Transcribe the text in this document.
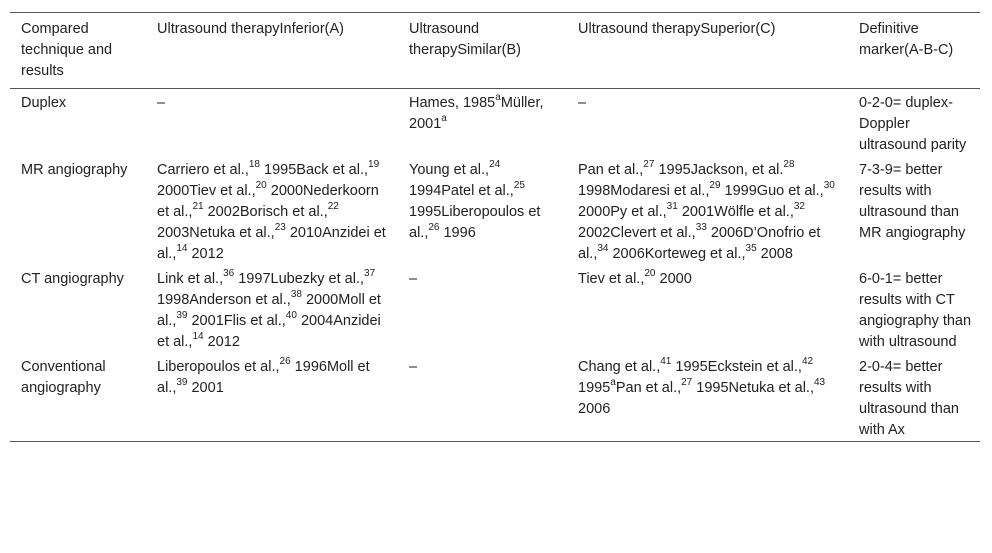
Compared technique and results	Ultrasound therapyInferior(A)	Ultrasound therapySimilar(B)	Ultrasound therapySuperior(C)	Definitive marker(A-B-C)
Duplex	–	Hames, 1985$^a$Müller, 2001$^a$	–	0-2-0= duplex-Doppler ultrasound parity
MR angiography	Carriero et al.,$^{18}$ 1995Back et al.,$^{19}$ 2000Tiev et al.,$^{20}$ 2000Nederkoorn et al.,$^{21}$ 2002Borisch et al.,$^{22}$ 2003Netuka et al.,$^{23}$ 2010Anzidei et al.,$^{14}$ 2012	Young et al.,$^{24}$ 1994Patel et al.,$^{25}$ 1995Liberopoulos et al.,$^{26}$ 1996	Pan et al.,$^{27}$ 1995Jackson, et al.$^{28}$ 1998Modaresi et al.,$^{29}$ 1999Guo et al.,$^{30}$ 2000Py et al.,$^{31}$ 2001Wölfle et al.,$^{32}$ 2002Clevert et al.,$^{33}$ 2006D’Onofrio et al.,$^{34}$ 2006Korteweg et al.,$^{35}$ 2008	7-3-9= better results with ultrasound than MR angiography
CT angiography	Link et al.,$^{36}$ 1997Lubezky et al.,$^{37}$ 1998Anderson et al.,$^{38}$ 2000Moll et al.,$^{39}$ 2001Flis et al.,$^{40}$ 2004Anzidei et al.,$^{14}$ 2012	–	Tiev et al.,$^{20}$ 2000	6-0-1= better results with CT angiography than with ultrasound
Conventional angiography	Liberopoulos et al.,$^{26}$ 1996Moll et al.,$^{39}$ 2001	–	Chang et al.,$^{41}$ 1995Eckstein et al.,$^{42}$ 1995$^a$Pan et al.,$^{27}$ 1995Netuka et al.,$^{43}$ 2006	2-0-4= better results with ultrasound than with Ax
